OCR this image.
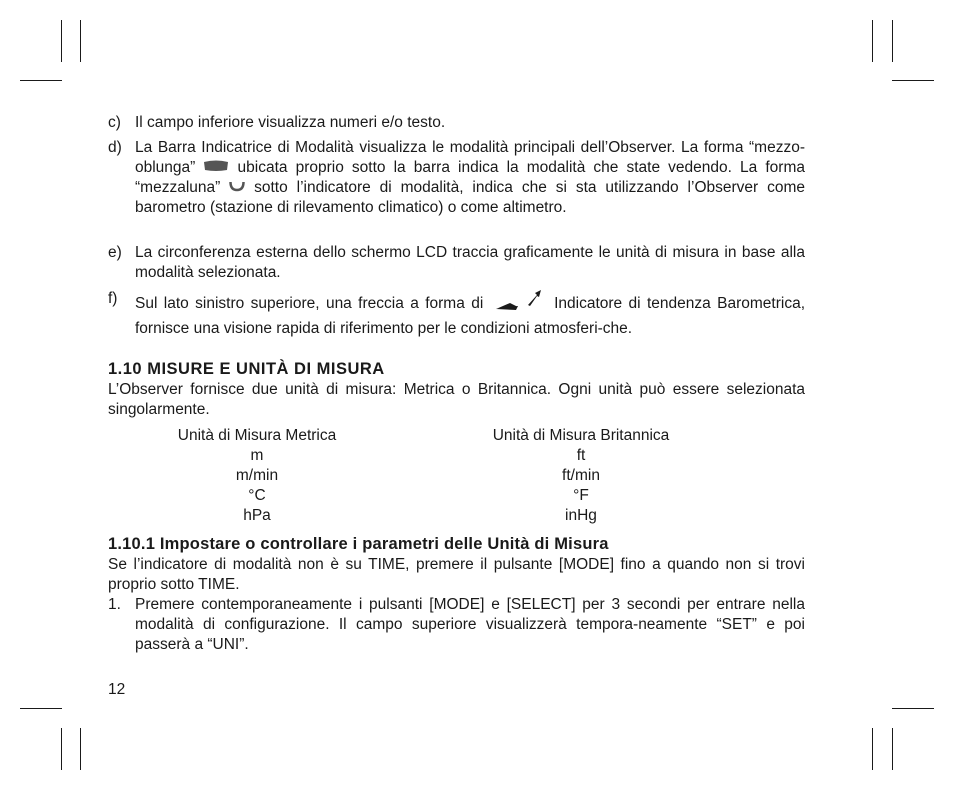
c) Il campo inferiore visualizza numeri e/o testo.
d) La Barra Indicatrice di Modalità visualizza le modalità principali dell’Observer. La forma “mezzo-oblunga”	ubicata proprio sotto la barra indica la modalità che state vedendo. La forma “mezzaluna” sotto l’indicatore di modalità, indica che si sta utilizzando l’Observer come barometro (stazione di rilevamento climatico) o come altimetro.
e) La circonferenza esterna dello schermo LCD traccia graficamente le unità di misura in base alla modalità selezionata.
f) Sul lato sinistro superiore, una freccia a forma di	Indicatore di tendenza Barometrica, fornisce una visione rapida di riferimento per le condizioni atmosferi-che.
1.10 MISURE E UNITÀ DI MISURA
L’Observer fornisce due unità di misura: Metrica o Britannica. Ogni unità può essere selezionata singolarmente.
Unità di Misura Metrica
m
m/min
°C
hPa
Unità di Misura Britannica
ft
ft/min
°F
inHg
1.10.1 Impostare o controllare i parametri delle Unità di Misura
Se l’indicatore di modalità non è su TIME, premere il pulsante [MODE] fino a quando non si trovi proprio sotto TIME.
1. Premere contemporaneamente i pulsanti [MODE] e [SELECT] per 3 secondi per entrare nella modalità di configurazione. Il campo superiore visualizzerà tempora-neamente “SET” e poi passerà a “UNI”.
12
